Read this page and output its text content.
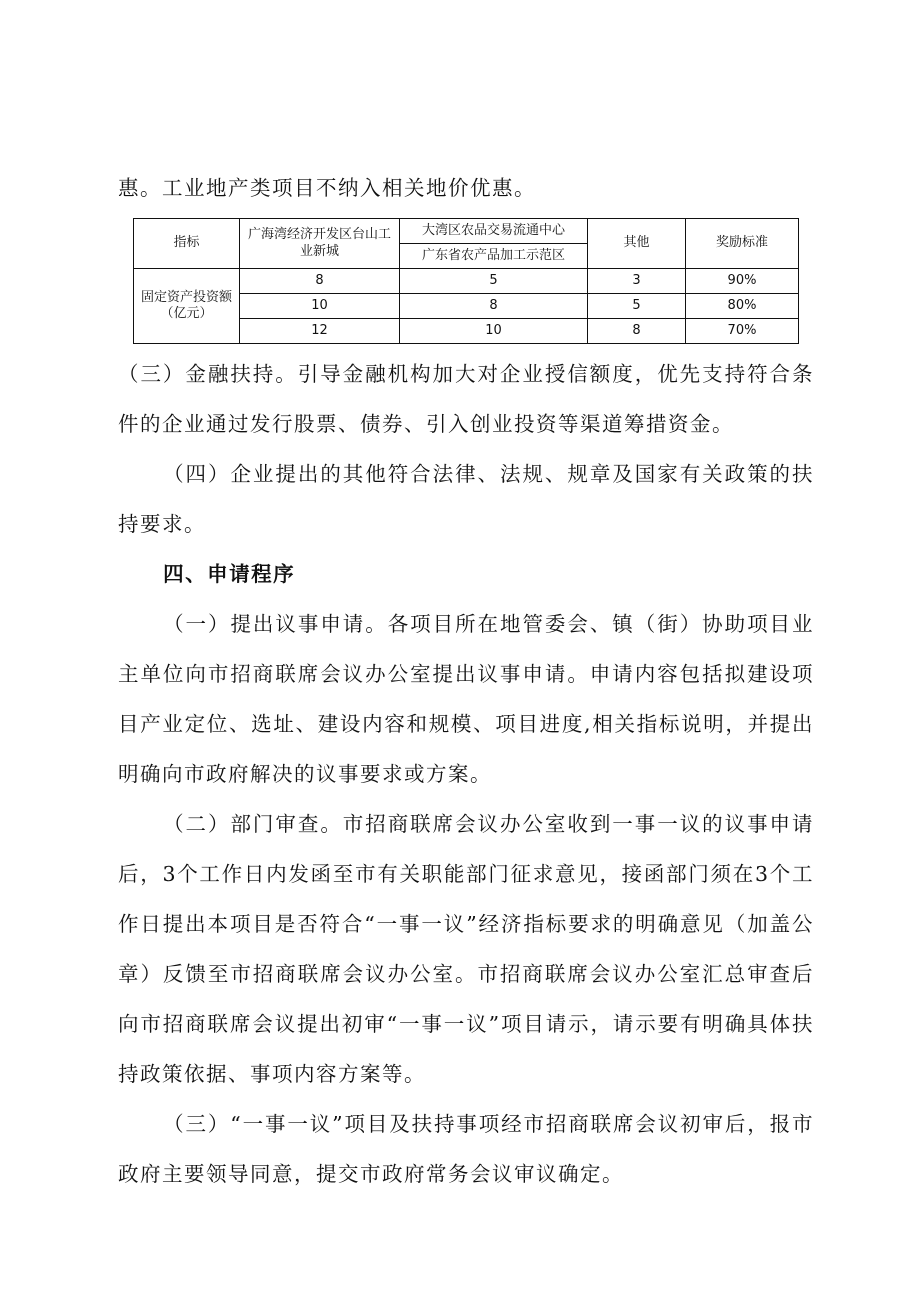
惠。工业地产类项目不纳入相关地价优惠。

指标	广海湾经济开发区台山工业新城	大湾区农品交易流通中心	其他	奖励标准
		广东省农产品加工示范区		
固定资产投资额（亿元）	8	5	3	90%
	10	8	5	80%
	12	10	8	70%

（三）金融扶持。引导金融机构加大对企业授信额度，优先支持符合条件的企业通过发行股票、债券、引入创业投资等渠道筹措资金。

（四）企业提出的其他符合法律、法规、规章及国家有关政策的扶持要求。

四、申请程序

（一）提出议事申请。各项目所在地管委会、镇（街）协助项目业主单位向市招商联席会议办公室提出议事申请。申请内容包括拟建设项目产业定位、选址、建设内容和规模、项目进度,相关指标说明，并提出明确向市政府解决的议事要求或方案。

（二）部门审查。市招商联席会议办公室收到一事一议的议事申请后，3个工作日内发函至市有关职能部门征求意见，接函部门须在3个工作日提出本项目是否符合“一事一议”经济指标要求的明确意见（加盖公章）反馈至市招商联席会议办公室。市招商联席会议办公室汇总审查后向市招商联席会议提出初审“一事一议”项目请示，请示要有明确具体扶持政策依据、事项内容方案等。

（三）“一事一议”项目及扶持事项经市招商联席会议初审后，报市政府主要领导同意，提交市政府常务会议审议确定。
